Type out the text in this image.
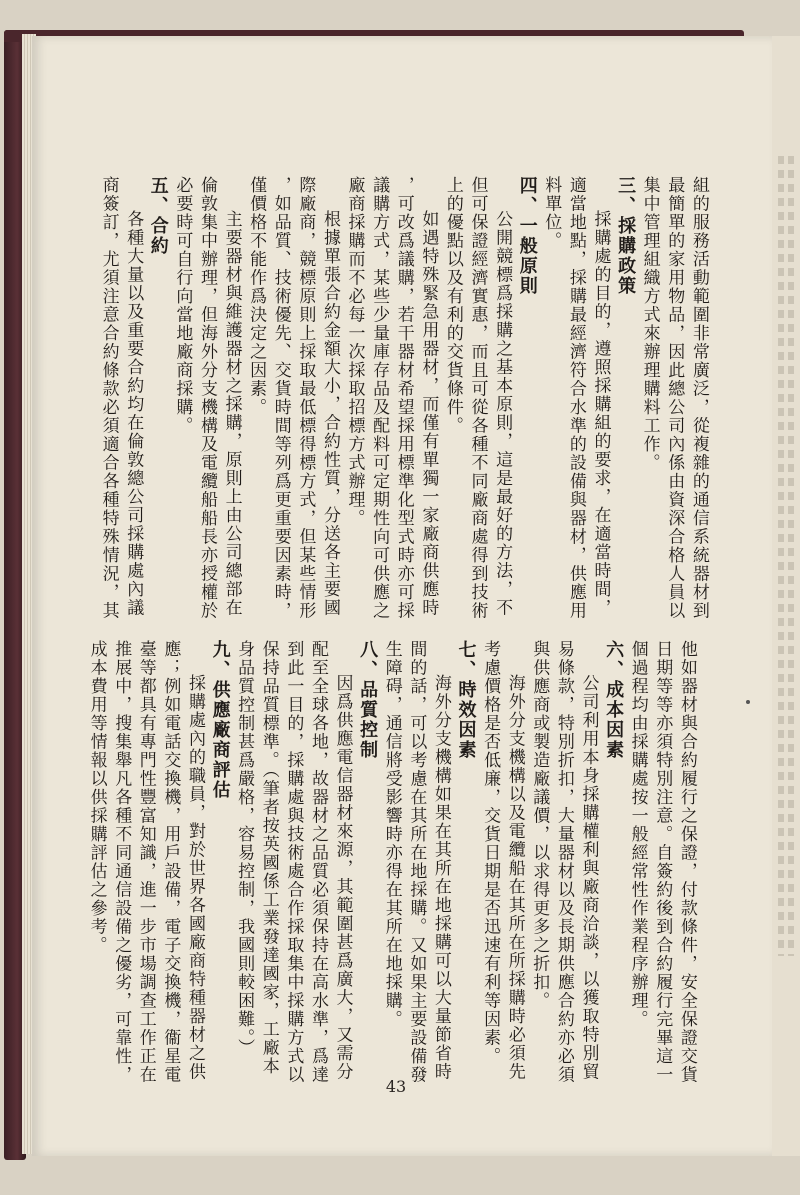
組的服務活動範圍非常廣泛，從複雜的通信系統器材到

最簡單的家用物品，因此總公司內係由資深合格人員以

集中管理組織方式來辦理購料工作。

三、採購政策

採購處的目的，遵照採購組的要求，在適當時間，

適當地點，採購最經濟符合水準的設備與器材，供應用

料單位。

四、一般原則

公開競標爲採購之基本原則，這是最好的方法，不

但可保證經濟實惠，而且可從各種不同廠商處得到技術

上的優點以及有利的交貨條件。

如遇特殊緊急用器材，而僅有單獨一家廠商供應時

，可改爲議購，若干器材希望採用標準化型式時亦可採

議購方式，某些少量庫存品及配料可定期性向可供應之

廠商採購而不必每一次採取招標方式辦理。

根據單張合約金額大小，合約性質，分送各主要國

際廠商，競標原則上採取最低標得標方式，但某些情形

，如品質、技術優先、交貨時間等列爲更重要因素時，

僅價格不能作爲決定之因素。

主要器材與維護器材之採購，原則上由公司總部在

倫敦集中辦理，但海外分支機構及電纜船船長亦授權於

必要時可自行向當地廠商採購。

五、合約

各種大量以及重要合約均在倫敦總公司採購處內議

商簽訂，尤須注意合約條款必須適合各種特殊情況，其

他如器材與合約履行之保證，付款條件，安全保證交貨

日期等等亦須特別注意。自簽約後到合約履行完畢這一

個過程均由採購處按一般經常性作業程序辦理。

六、成本因素

公司利用本身採購權利與廠商洽談，以獲取特別貿

易條款，特別折扣，大量器材以及長期供應合約亦必須

與供應商或製造廠議價，以求得更多之折扣。

海外分支機構以及電纜船在其所在所採購時必須先

考慮價格是否低廉，交貨日期是否迅速有利等因素。

七、時效因素

海外分支機構如果在其所在地採購可以大量節省時

間的話，可以考慮在其所在地採購。又如果主要設備發

生障碍，通信將受影響時亦得在其所在地採購。

八、品質控制

因爲供應電信器材來源，其範圍甚爲廣大，又需分

配至全球各地，故器材之品質必須保持在高水準，爲達

到此一目的，採購處與技術處合作採取集中採購方式以

保持品質標準。（筆者按英國係工業發達國家，工廠本

身品質控制甚爲嚴格，容易控制，我國則較困難。）

九、供應廠商評估

採購處內的職員，對於世界各國廠商特種器材之供

應；例如電話交換機，用戶設備，電子交換機，衞星電

臺等都具有專門性豐富知識，進一步市場調查工作正在

推展中，搜集舉凡各種不同通信設備之優劣，可靠性，

成本費用等情報以供採購評估之參考。

43
